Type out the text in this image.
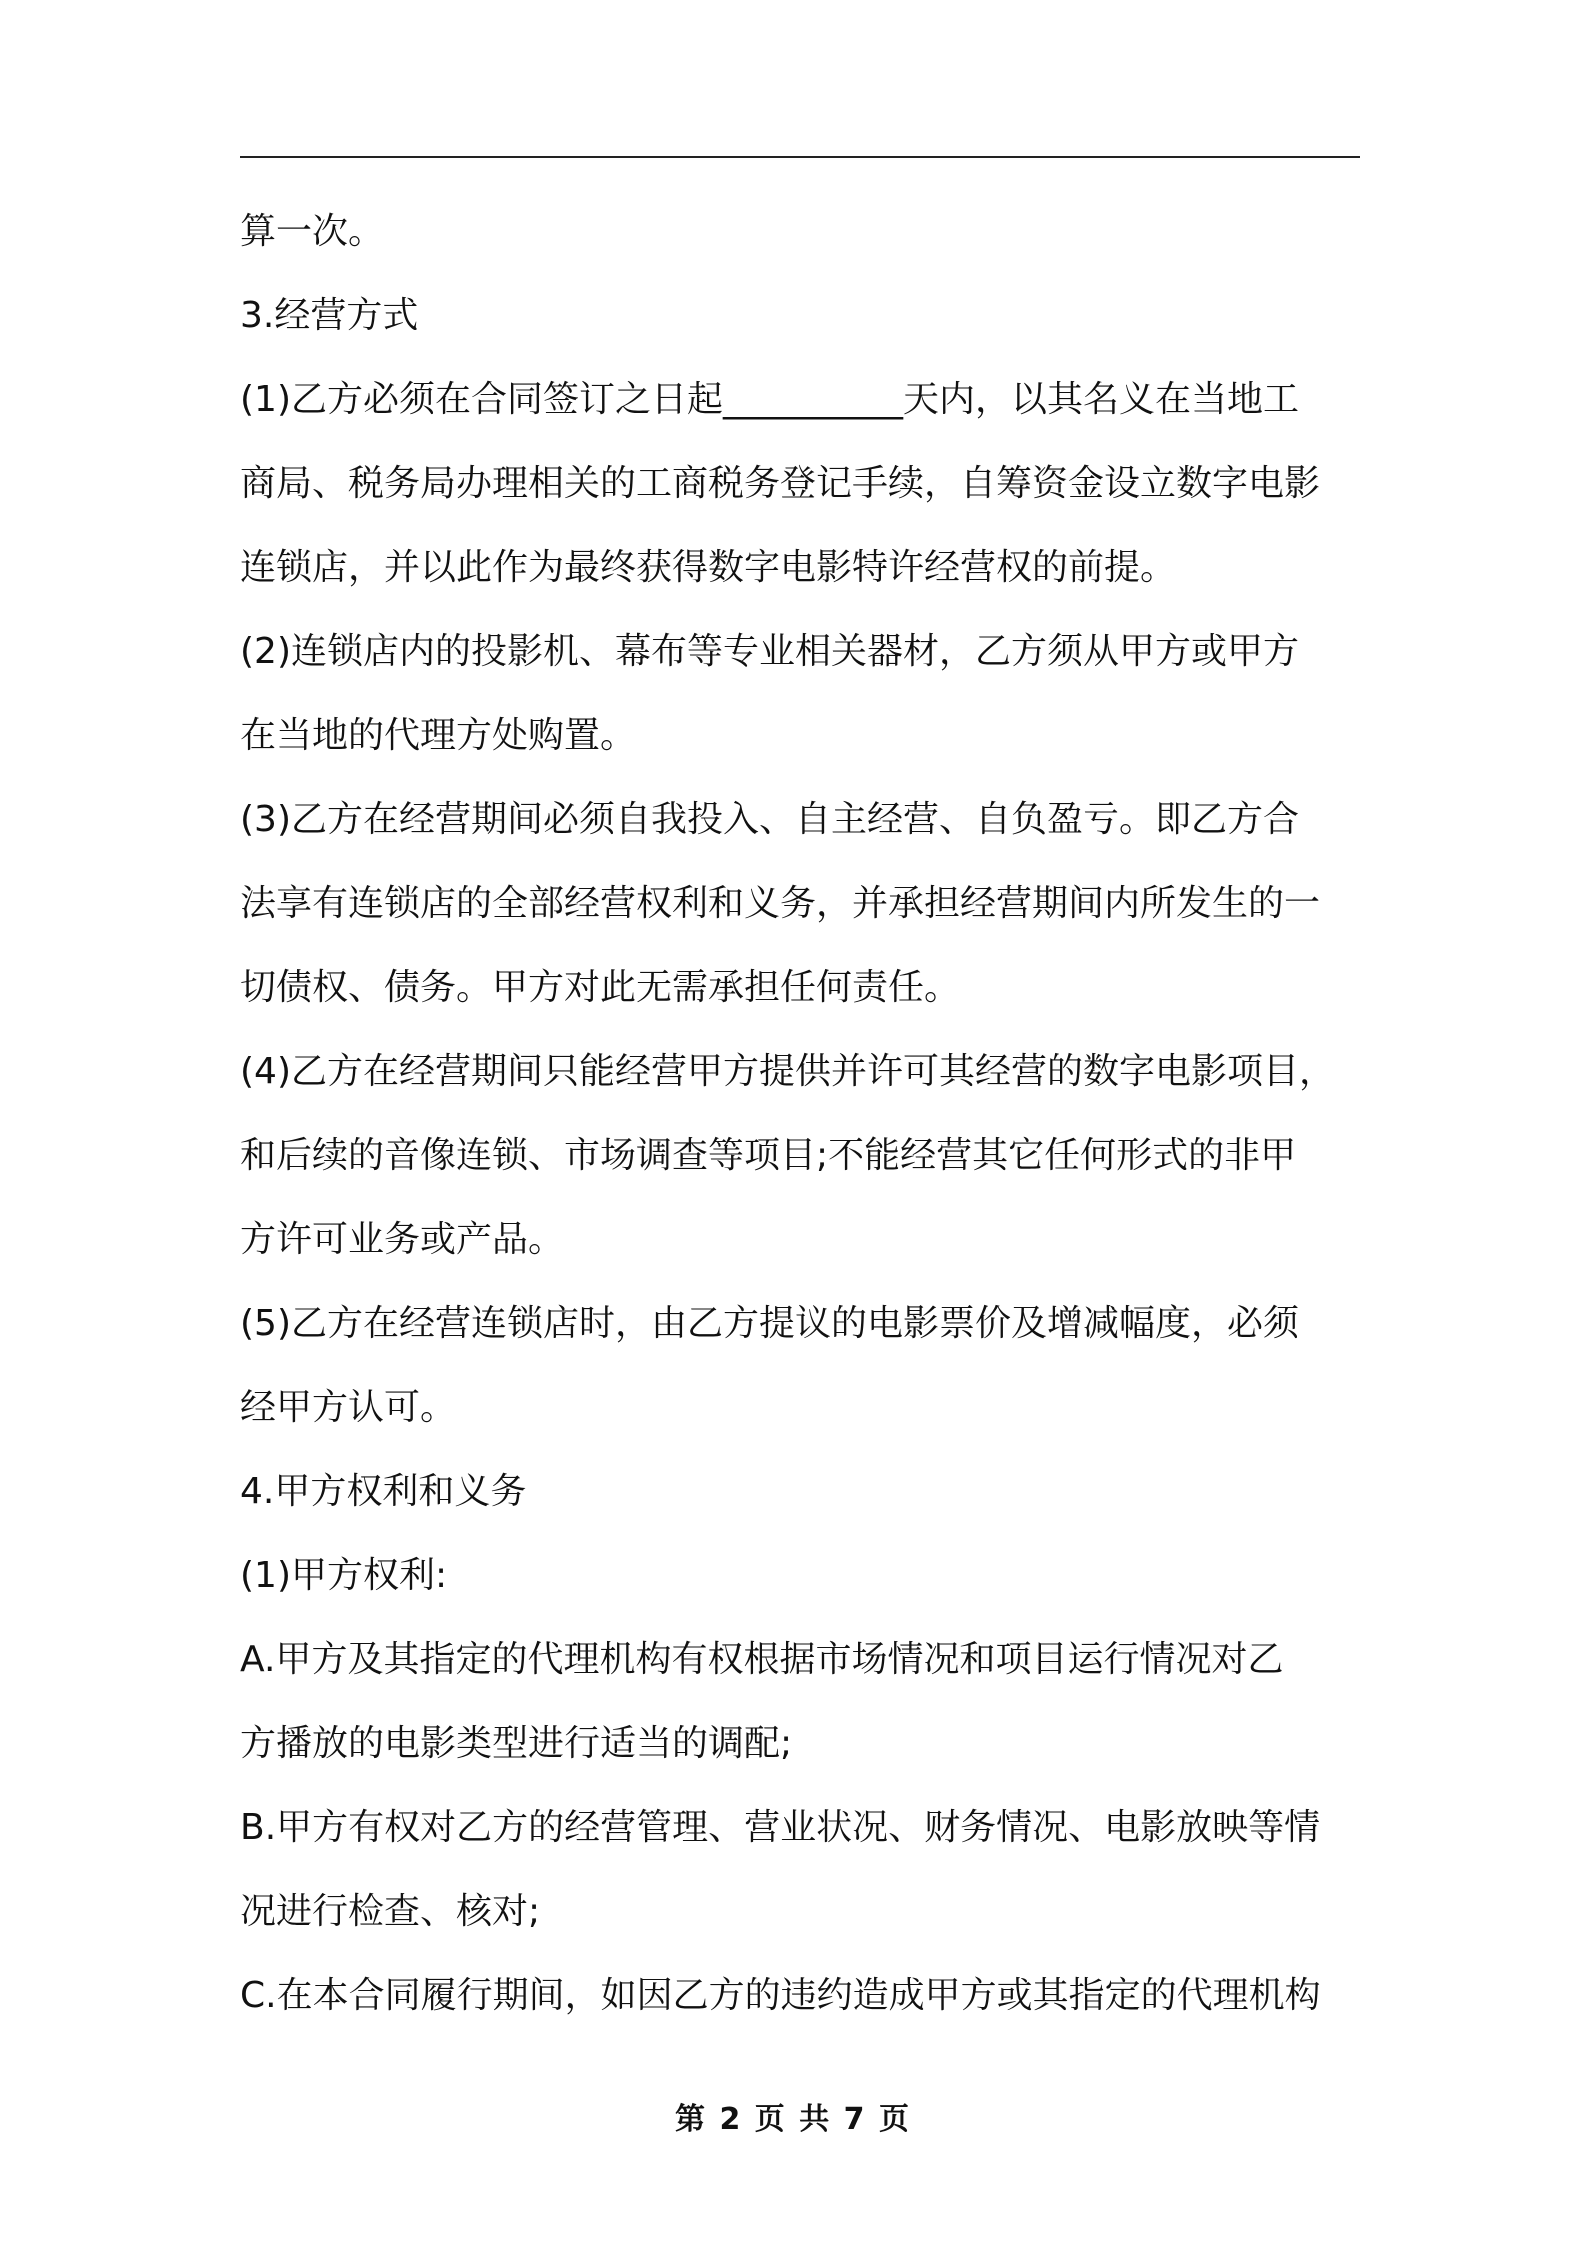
算一次。
3.经营方式
(1)乙方必须在合同签订之日起__________天内，以其名义在当地工
商局、税务局办理相关的工商税务登记手续，自筹资金设立数字电影
连锁店，并以此作为最终获得数字电影特许经营权的前提。
(2)连锁店内的投影机、幕布等专业相关器材，乙方须从甲方或甲方
在当地的代理方处购置。
(3)乙方在经营期间必须自我投入、自主经营、自负盈亏。即乙方合
法享有连锁店的全部经营权利和义务，并承担经营期间内所发生的一
切债权、债务。甲方对此无需承担任何责任。
(4)乙方在经营期间只能经营甲方提供并许可其经营的数字电影项目，
和后续的音像连锁、市场调查等项目;不能经营其它任何形式的非甲
方许可业务或产品。
(5)乙方在经营连锁店时，由乙方提议的电影票价及增减幅度，必须
经甲方认可。
4.甲方权利和义务
(1)甲方权利:
A.甲方及其指定的代理机构有权根据市场情况和项目运行情况对乙
方播放的电影类型进行适当的调配;
B.甲方有权对乙方的经营管理、营业状况、财务情况、电影放映等情
况进行检查、核对;
C.在本合同履行期间，如因乙方的违约造成甲方或其指定的代理机构
第 2 页 共 7 页
